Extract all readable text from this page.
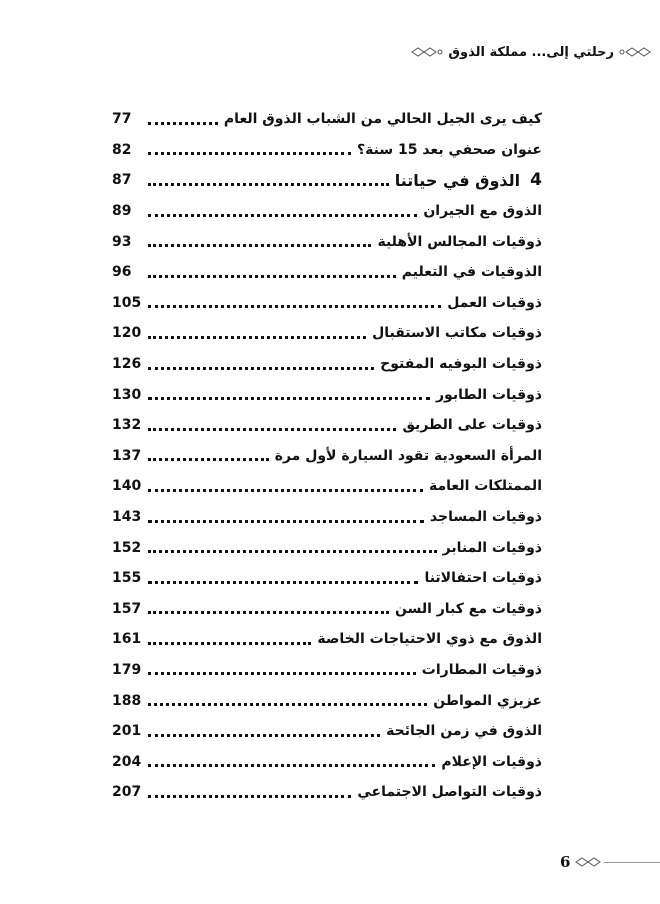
رحلتي إلى... مملكة الذوق
كيف يرى الجيل الحالي من الشباب الذوق العام
77
عنوان صحفي بعد 15 سنة؟
82
4
الذوق في حياتنا
87
الذوق مع الجيران
89
ذوقيات المجالس الأهلية
93
الذوقيات في التعليم
96
ذوقيات العمل
105
ذوقيات مكاتب الاستقبال
120
ذوقيات البوفيه المفتوح
126
ذوقيات الطابور
130
ذوقيات على الطريق
132
المرأة السعودية تقود السيارة لأول مرة
137
الممتلكات العامة
140
ذوقيات المساجد
143
ذوقيات المنابر
152
ذوقيات احتفالاتنا
155
ذوقيات مع كبار السن
157
الذوق مع ذوي الاحتياجات الخاصة
161
ذوقيات المطارات
179
عزيزي المواطن
188
الذوق في زمن الجائحة
201
ذوقيات الإعلام
204
ذوقيات التواصل الاجتماعي
207
6
